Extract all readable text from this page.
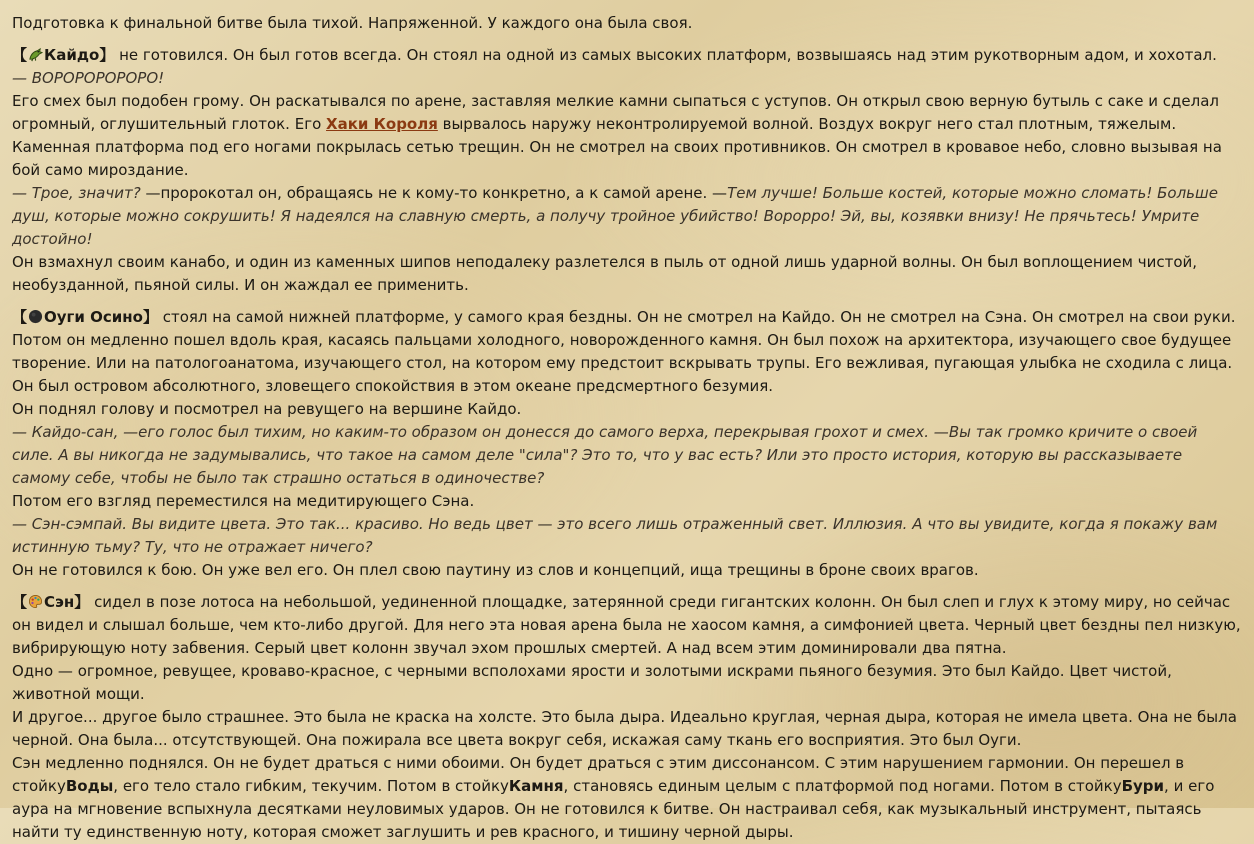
Подготовка к финальной битве была тихой. Напряженной. У каждого она была своя.

【 Кайдо】 не готовился. Он был готов всегда. Он стоял на одной из самых высоких платформ, возвышаясь над этим рукотворным адом, и хохотал.

— ВОРОРОРОРОРО!

Его смех был подобен грому. Он раскатывался по арене, заставляя мелкие камни сыпаться с уступов. Он открыл свою верную бутыль с саке и сделал огромный, оглушительный глоток. Его Хаки Короля вырвалось наружу неконтролируемой волной. Воздух вокруг него стал плотным, тяжелым. Каменная платформа под его ногами покрылась сетью трещин. Он не смотрел на своих противников. Он смотрел в кровавое небо, словно вызывая на бой само мироздание.

— Трое, значит? —пророкотал он, обращаясь не к кому-то конкретно, а к самой арене. —Тем лучше! Больше костей, которые можно сломать! Больше душ, которые можно сокрушить! Я надеялся на славную смерть, а получу тройное убийство! Ворорро! Эй, вы, козявки внизу! Не прячьтесь! Умрите достойно!

Он взмахнул своим канабо, и один из каменных шипов неподалеку разлетелся в пыль от одной лишь ударной волны. Он был воплощением чистой, необузданной, пьяной силы. И он жаждал ее применить.

【 Оуги Осино】 стоял на самой нижней платформе, у самого края бездны. Он не смотрел на Кайдо. Он не смотрел на Сэна. Он смотрел на свои руки. Потом он медленно пошел вдоль края, касаясь пальцами холодного, новорожденного камня. Он был похож на архитектора, изучающего свое будущее творение. Или на патологоанатома, изучающего стол, на котором ему предстоит вскрывать трупы. Его вежливая, пугающая улыбка не сходила с лица. Он был островом абсолютного, зловещего спокойствия в этом океане предсмертного безумия.

Он поднял голову и посмотрел на ревущего на вершине Кайдо.

— Кайдо-сан, —его голос был тихим, но каким-то образом он донесся до самого верха, перекрывая грохот и смех. —Вы так громко кричите о своей силе. А вы никогда не задумывались, что такое на самом деле "сила"? Это то, что у вас есть? Или это просто история, которую вы рассказываете самому себе, чтобы не было так страшно остаться в одиночестве?

Потом его взгляд переместился на медитирующего Сэна.

— Сэн-сэмпай. Вы видите цвета. Это так... красиво. Но ведь цвет — это всего лишь отраженный свет. Иллюзия. А что вы увидите, когда я покажу вам истинную тьму? Ту, что не отражает ничего?

Он не готовился к бою. Он уже вел его. Он плел свою паутину из слов и концепций, ища трещины в броне своих врагов.

【 Сэн】 сидел в позе лотоса на небольшой, уединенной площадке, затерянной среди гигантских колонн. Он был слеп и глух к этому миру, но сейчас он видел и слышал больше, чем кто-либо другой. Для него эта новая арена была не хаосом камня, а симфонией цвета. Черный цвет бездны пел низкую, вибрирующую ноту забвения. Серый цвет колонн звучал эхом прошлых смертей. А над всем этим доминировали два пятна.

Одно — огромное, ревущее, кроваво-красное, с черными всполохами ярости и золотыми искрами пьяного безумия. Это был Кайдо. Цвет чистой, животной мощи.

И другое... другое было страшнее. Это была не краска на холсте. Это была дыра. Идеально круглая, черная дыра, которая не имела цвета. Она не была черной. Она была... отсутствующей. Она пожирала все цвета вокруг себя, искажая саму ткань его восприятия. Это был Оуги.

Сэн медленно поднялся. Он не будет драться с ними обоими. Он будет драться с этим диссонансом. С этим нарушением гармонии. Он перешел в стойкуВоды, его тело стало гибким, текучим. Потом в стойкуКамня, становясь единым целым с платформой под ногами. Потом в стойкуБури, и его аура на мгновение вспыхнула десятками неуловимых ударов. Он не готовился к битве. Он настраивал себя, как музыкальный инструмент, пытаясь найти ту единственную ноту, которая сможет заглушить и рев красного, и тишину черной дыры.
